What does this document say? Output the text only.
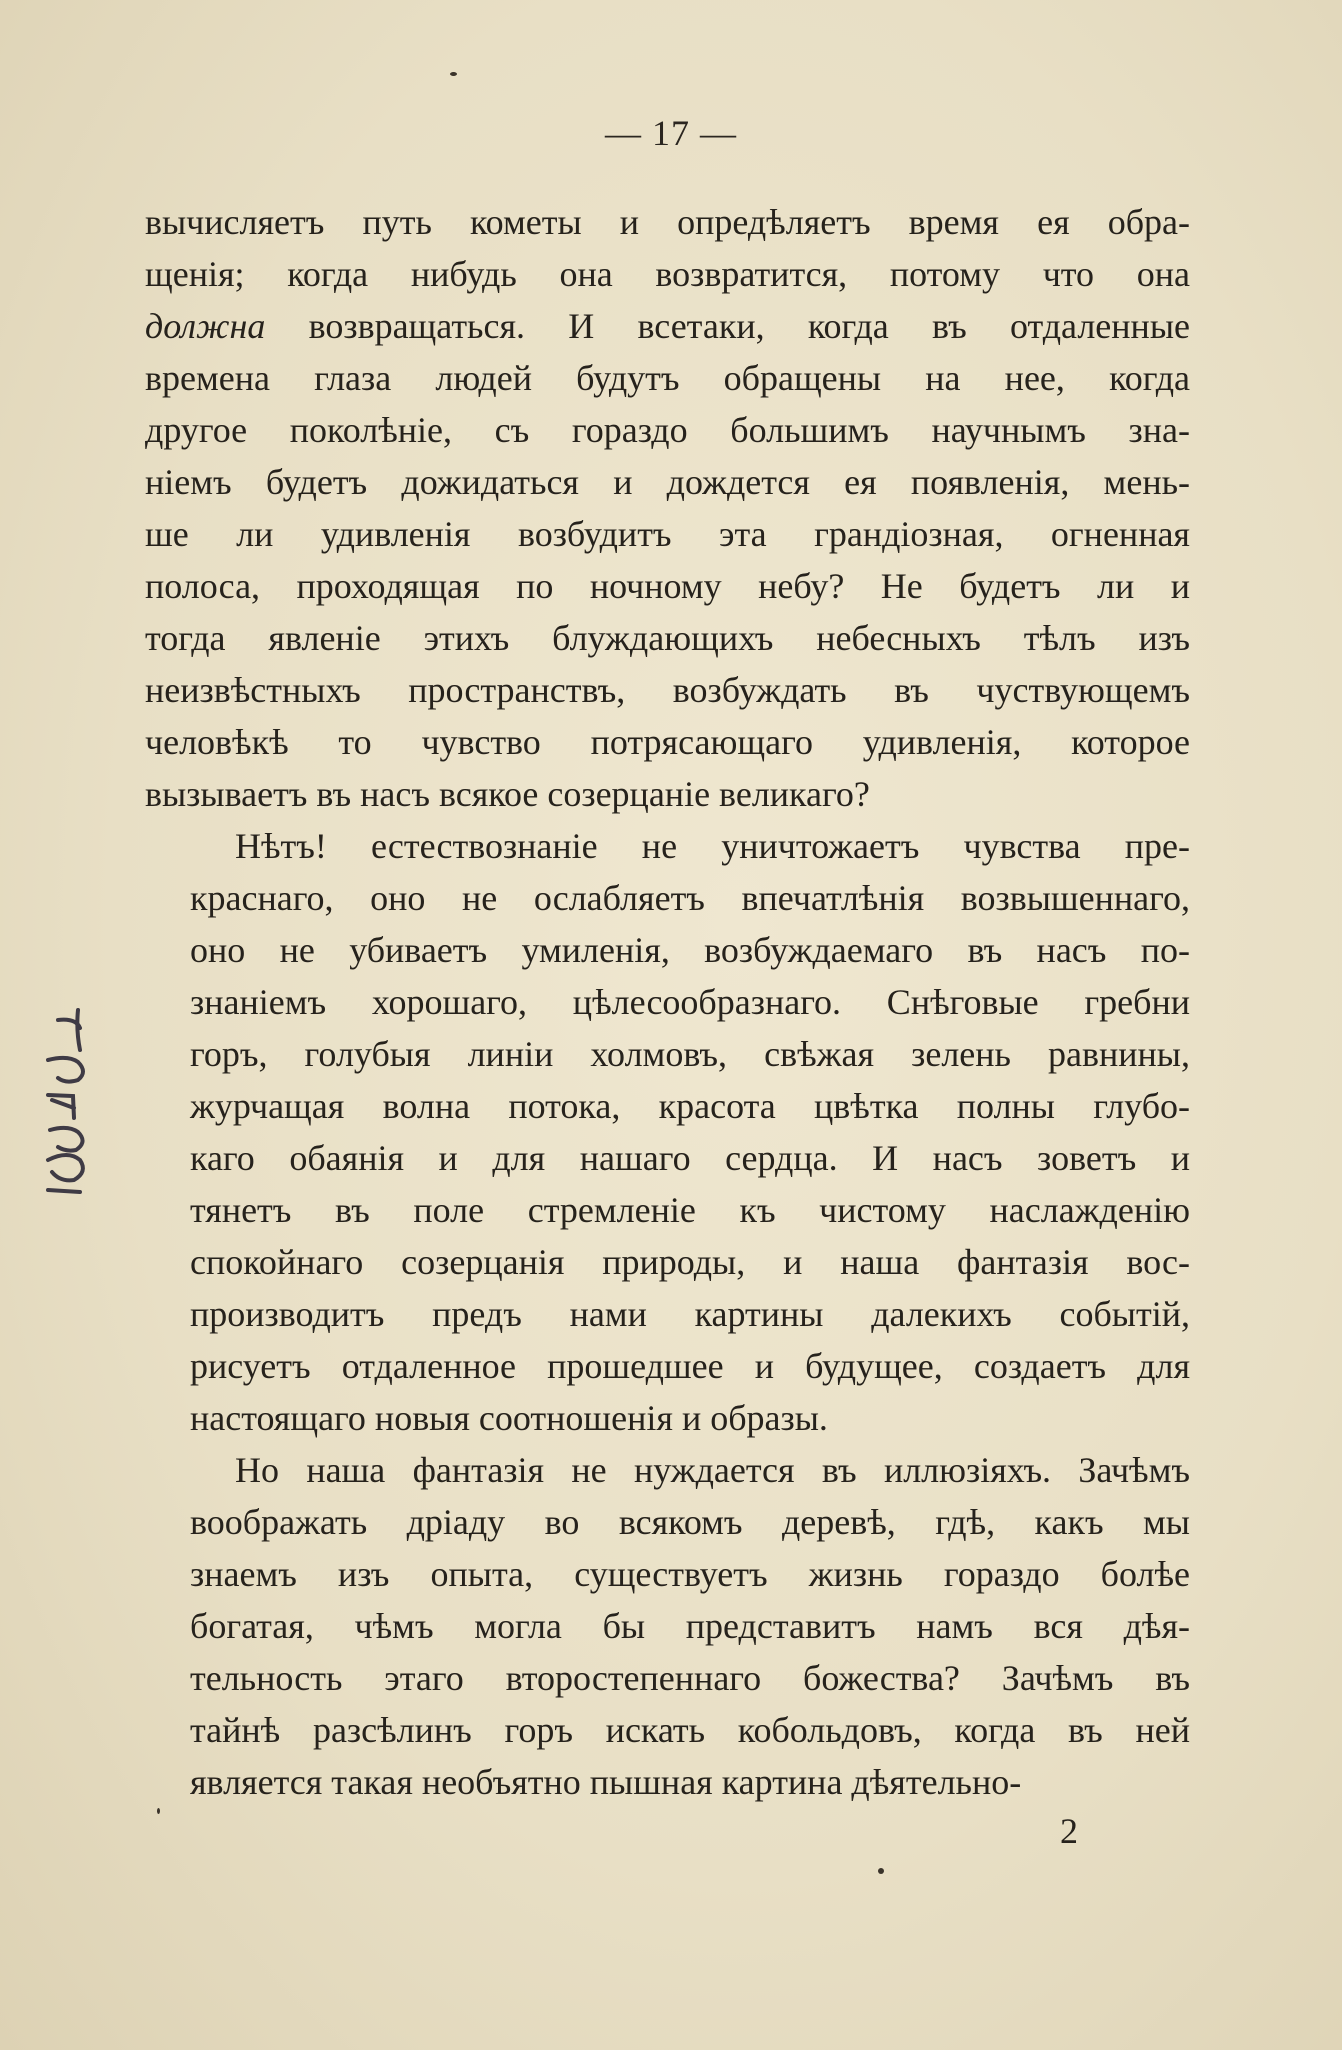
— 17 —
вычисляетъ путь кометы и опредѣляетъ время ея обра-
щенія; когда нибудь она возвратится, потому что она
должна возвращаться. И всетаки, когда въ отдаленные
времена глаза людей будутъ обращены на нее, когда
другое поколѣніе, съ гораздо большимъ научнымъ зна-
ніемъ будетъ дожидаться и дождется ея появленія, мень-
ше ли удивленія возбудитъ эта грандіозная, огненная
полоса, проходящая по ночному небу? Не будетъ ли и
тогда явленіе этихъ блуждающихъ небесныхъ тѣлъ изъ
неизвѣстныхъ пространствъ, возбуждать въ чуствующемъ
человѣкѣ то чувство потрясающаго удивленія, которое
вызываетъ въ насъ всякое созерцаніе великаго?
Нѣтъ! естествознаніе не уничтожаетъ чувства пре-
краснаго, оно не ослабляетъ впечатлѣнія возвышеннаго,
оно не убиваетъ умиленія, возбуждаемаго въ насъ по-
знаніемъ хорошаго, цѣлесообразнаго. Снѣговые гребни
горъ, голубыя линіи холмовъ, свѣжая зелень равнины,
журчащая волна потока, красота цвѣтка полны глубо-
каго обаянія и для нашаго сердца. И насъ зоветъ и
тянетъ въ поле стремленіе къ чистому наслажденію
спокойнаго созерцанія природы, и наша фантазія вос-
производитъ предъ нами картины далекихъ событій,
рисуетъ отдаленное прошедшее и будущее, создаетъ для
настоящаго новыя соотношенія и образы.
Но наша фантазія не нуждается въ иллюзіяхъ. Зачѣмъ
воображать дріаду во всякомъ деревѣ, гдѣ, какъ мы
знаемъ изъ опыта, существуетъ жизнь гораздо болѣе
богатая, чѣмъ могла бы представитъ намъ вся дѣя-
тельность этаго второстепеннаго божества? Зачѣмъ въ
тайнѣ разсѣлинъ горъ искать кобольдовъ, когда въ ней
является такая необъятно пышная картина дѣятельно-
2
